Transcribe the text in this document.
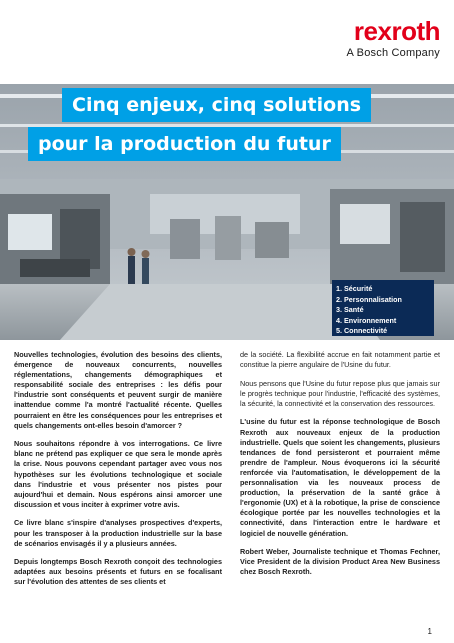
rexroth
A Bosch Company
Cinq enjeux, cinq solutions
pour la production du futur
1. Sécurité
2. Personnalisation
3. Santé
4. Environnement
5. Connectivité

Nouvelles technologies, évolution des besoins des clients, émergence de nouveaux concurrents, nouvelles réglementations, changements démographiques et responsabilité sociale des entreprises : les défis pour l'industrie sont conséquents et peuvent surgir de manière inattendue comme l'a montré l'actualité récente. Quelles pourraient en être les conséquences pour les entreprises et quels changements ont-elles besoin d'amorcer ?

Nous souhaitons répondre à vos interrogations. Ce livre blanc ne prétend pas expliquer ce que sera le monde après la crise. Nous pouvons cependant partager avec vous nos hypothèses sur les évolutions technologique et sociale dans l'industrie et vous présenter nos pistes pour aujourd'hui et demain. Nous espérons ainsi amorcer une discussion et vous inciter à exprimer votre avis.

Ce livre blanc s'inspire d'analyses prospectives d'experts, pour les transposer à la production industrielle sur la base de scénarios envisagés il y a plusieurs années.

Depuis longtemps Bosch Rexroth conçoit des technologies adaptées aux besoins présents et futurs en se focalisant sur l'évolution des attentes de ses clients et

de la société. La flexibilité accrue en fait notamment partie et constitue la pierre angulaire de l'Usine du futur.

Nous pensons que l'Usine du futur repose plus que jamais sur le progrès technique pour l'industrie, l'efficacité des systèmes, la sécurité, la connectivité et la conservation des ressources.

L'usine du futur est la réponse technologique de Bosch Rexroth aux nouveaux enjeux de la production industrielle. Quels que soient les changements, plusieurs tendances de fond persisteront et pourraient même prendre de l'ampleur. Nous évoquerons ici la sécurité renforcée via l'automatisation, le développement de la personnalisation via les nouveaux process de production, la préservation de la santé grâce à l'ergonomie (UX) et à la robotique, la prise de conscience écologique portée par les nouvelles technologies et la connectivité, dans l'interaction entre le hardware et logiciel de nouvelle génération.

Robert Weber, Journaliste technique et Thomas Fechner, Vice President de la division Product Area New Business chez Bosch Rexroth.

1
